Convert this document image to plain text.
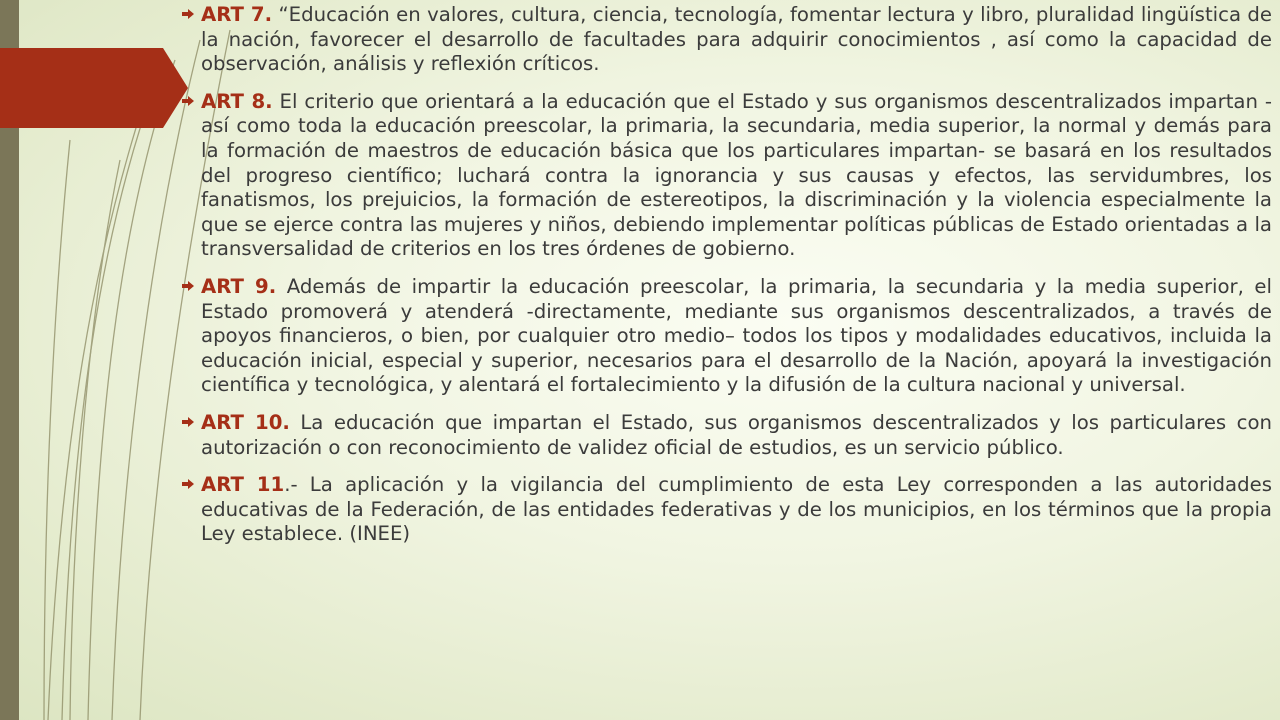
ART 7. “Educación en valores, cultura, ciencia, tecnología, fomentar lectura y libro, pluralidad lingüística de la nación, favorecer el desarrollo de facultades para adquirir conocimientos , así como la capacidad de observación, análisis y reflexión críticos.
ART 8. El criterio que orientará a la educación que el Estado y sus organismos descentralizados impartan -así como toda la educación preescolar, la primaria, la secundaria, media superior, la normal y demás para la formación de maestros de educación básica que los particulares impartan- se basará en los resultados del progreso científico; luchará contra la ignorancia y sus causas y efectos, las servidumbres, los fanatismos, los prejuicios, la formación de estereotipos, la discriminación y la violencia especialmente la que se ejerce contra las mujeres y niños, debiendo implementar políticas públicas de Estado orientadas a la transversalidad de criterios en los tres órdenes de gobierno.
ART 9. Además de impartir la educación preescolar, la primaria, la secundaria y la media superior, el Estado promoverá y atenderá -directamente, mediante sus organismos descentralizados, a través de apoyos financieros, o bien, por cualquier otro medio– todos los tipos y modalidades educativos, incluida la educación inicial, especial y superior, necesarios para el desarrollo de la Nación, apoyará la investigación científica y tecnológica, y alentará el fortalecimiento y la difusión de la cultura nacional y universal.
ART 10. La educación que impartan el Estado, sus organismos descentralizados y los particulares con autorización o con reconocimiento de validez oficial de estudios, es un servicio público.
ART 11.- La aplicación y la vigilancia del cumplimiento de esta Ley corresponden a las autoridades educativas de la Federación, de las entidades federativas y de los municipios, en los términos que la propia Ley establece. (INEE)
